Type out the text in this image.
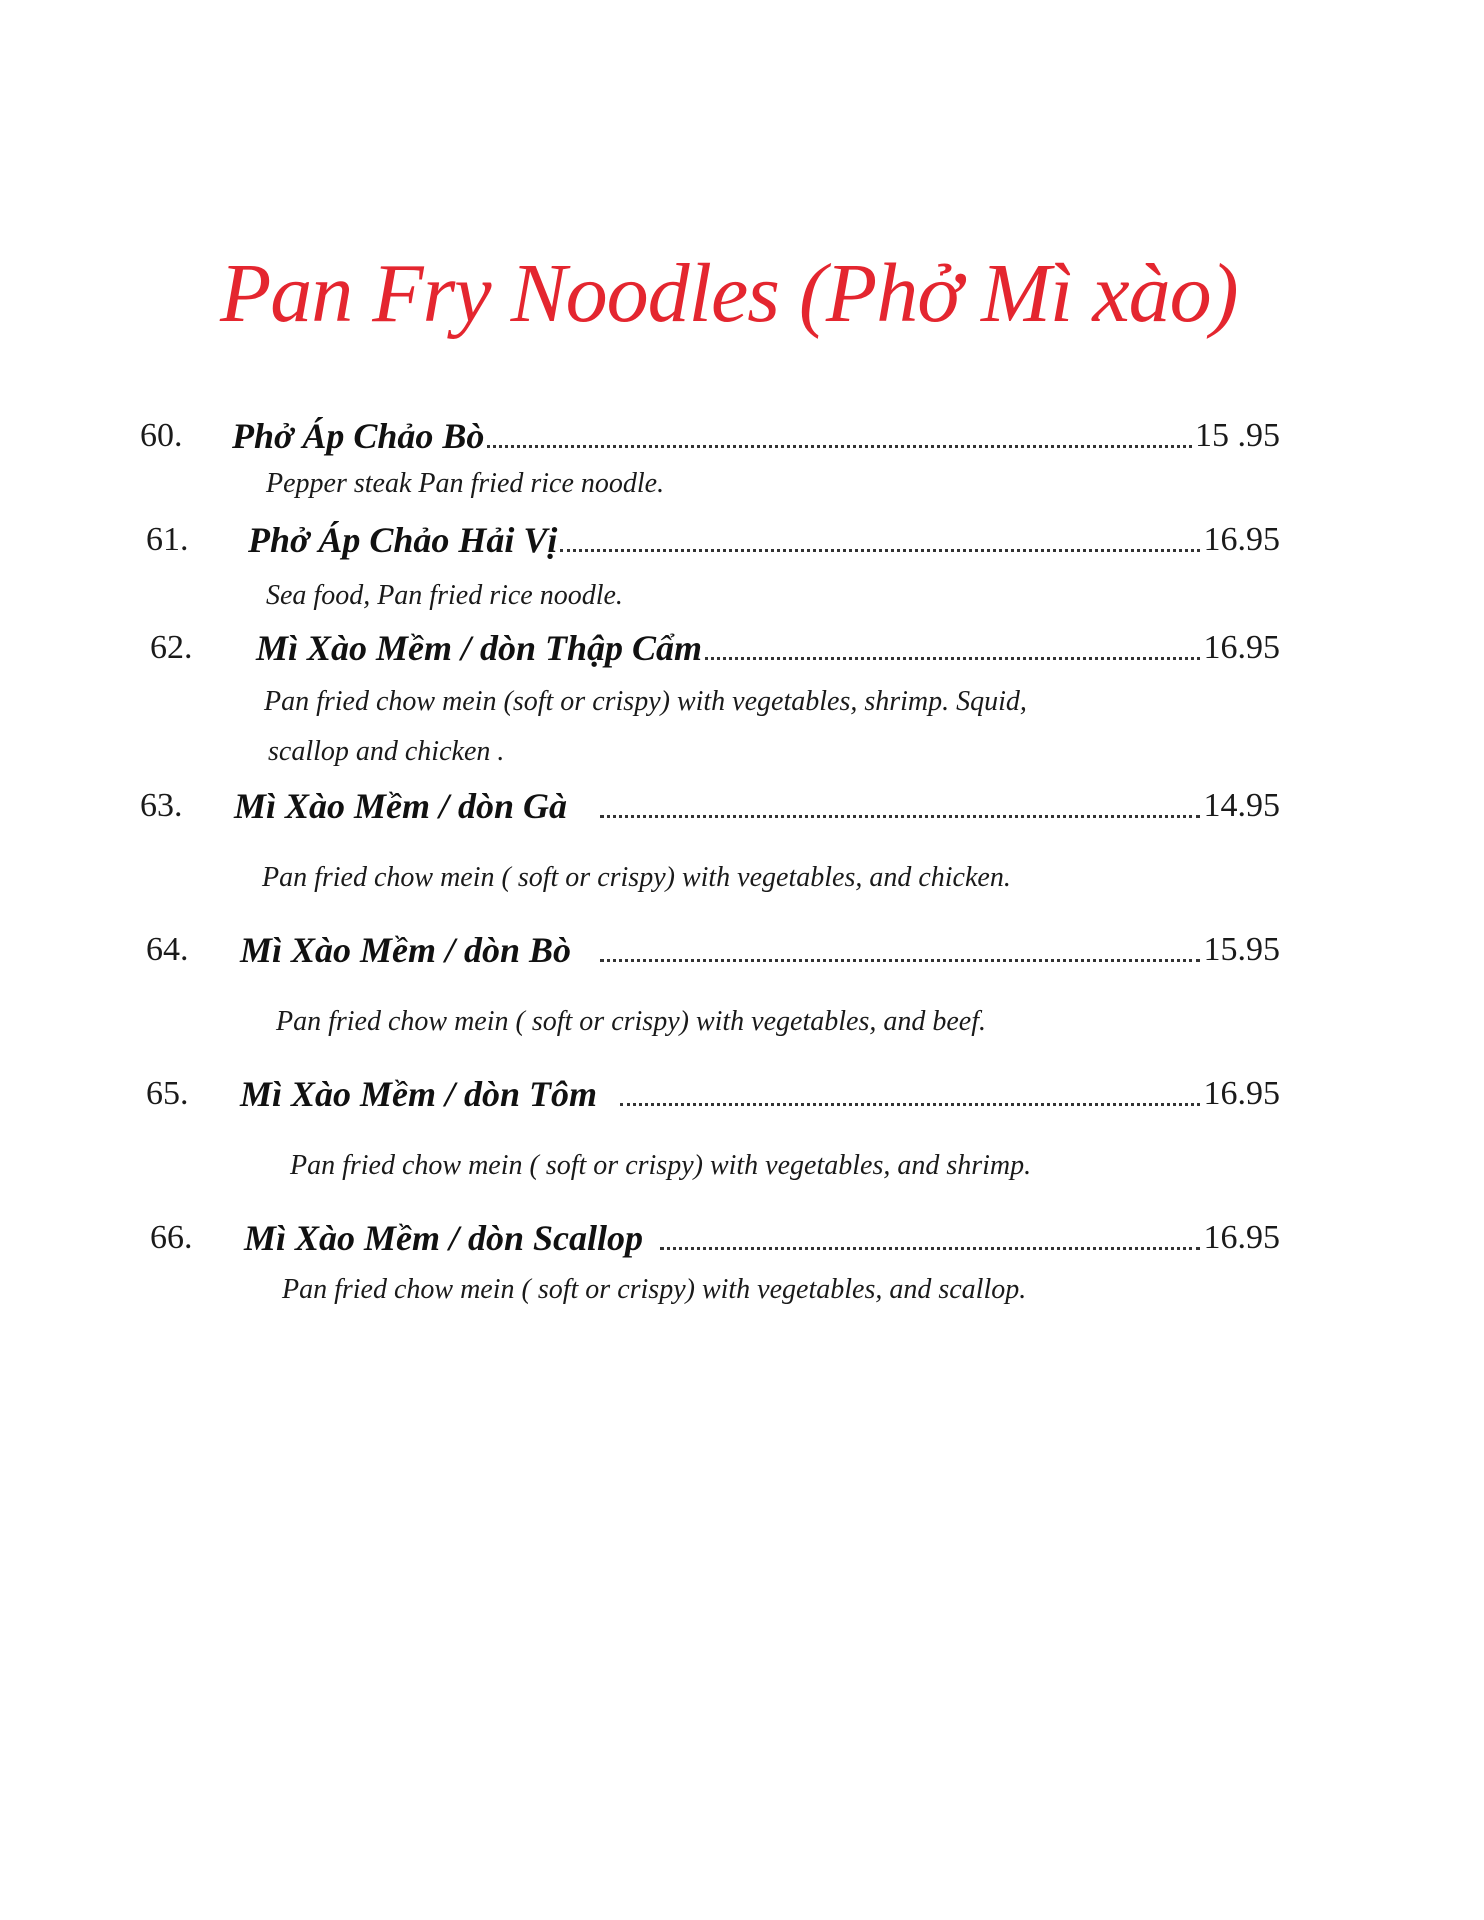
Pan Fry Noodles (Phở Mì xào)
60. Phở Áp Chảo Bò	15 .95
Pepper steak Pan fried rice noodle.
61. Phở Áp Chảo Hải Vị	16.95
Sea food, Pan fried rice noodle.
62. Mì Xào Mềm / dòn Thập Cẩm	16.95
Pan fried chow mein (soft or crispy) with vegetables, shrimp. Squid,
scallop and chicken .
63. Mì Xào Mềm / dòn Gà	14.95
Pan fried chow mein ( soft or crispy) with vegetables, and chicken.
64. Mì Xào Mềm / dòn Bò	15.95
Pan fried chow mein ( soft or crispy) with vegetables, and beef.
65. Mì Xào Mềm / dòn Tôm	16.95
Pan fried chow mein ( soft or crispy) with vegetables, and shrimp.
66. Mì Xào Mềm / dòn Scallop	16.95
Pan fried chow mein ( soft or crispy) with vegetables, and scallop.
